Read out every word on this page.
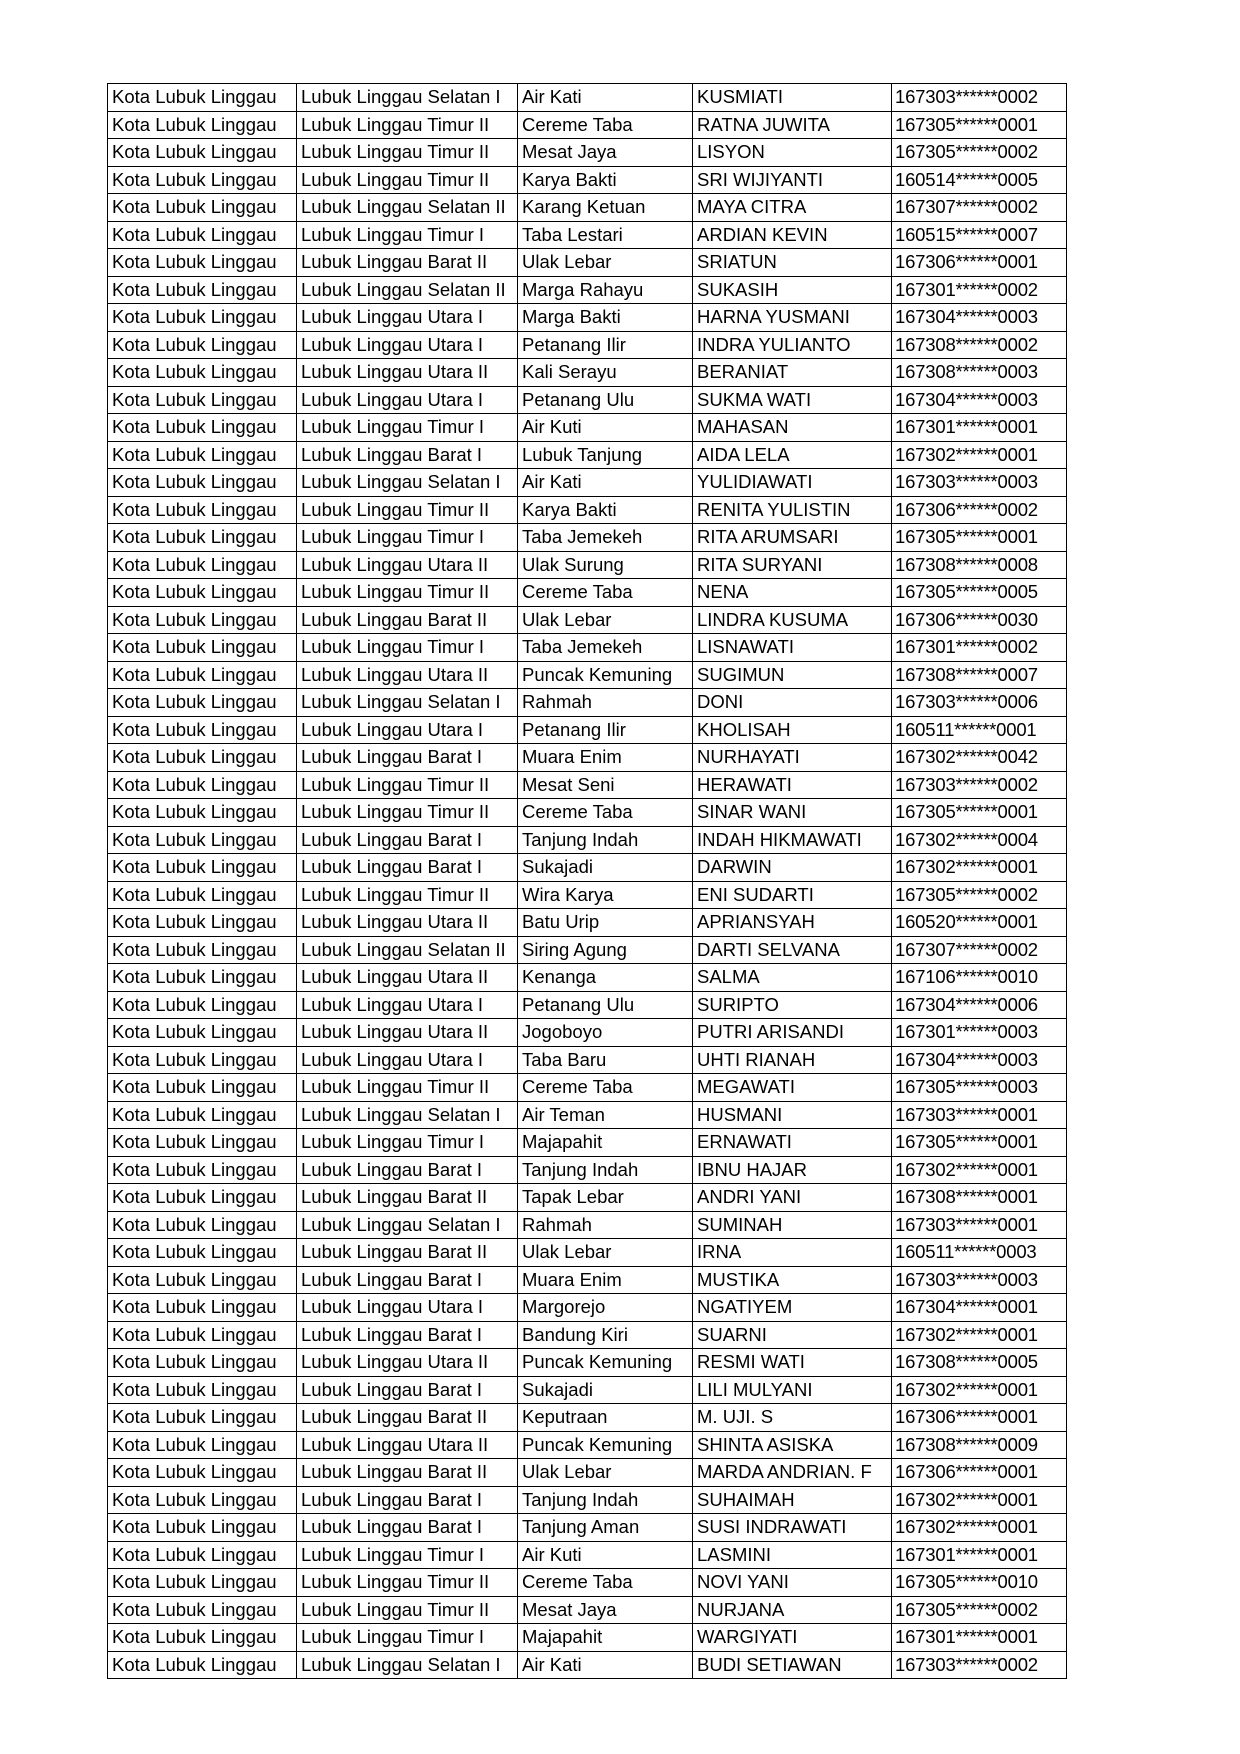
Kota Lubuk Linggau	Lubuk Linggau Selatan I	Air Kati	KUSMIATI	167303******0002
Kota Lubuk Linggau	Lubuk Linggau Timur II	Cereme Taba	RATNA JUWITA	167305******0001
Kota Lubuk Linggau	Lubuk Linggau Timur II	Mesat Jaya	LISYON	167305******0002
Kota Lubuk Linggau	Lubuk Linggau Timur II	Karya Bakti	SRI WIJIYANTI	160514******0005
Kota Lubuk Linggau	Lubuk Linggau Selatan II	Karang Ketuan	MAYA CITRA	167307******0002
Kota Lubuk Linggau	Lubuk Linggau Timur I	Taba Lestari	ARDIAN KEVIN	160515******0007
Kota Lubuk Linggau	Lubuk Linggau Barat II	Ulak Lebar	SRIATUN	167306******0001
Kota Lubuk Linggau	Lubuk Linggau Selatan II	Marga Rahayu	SUKASIH	167301******0002
Kota Lubuk Linggau	Lubuk Linggau Utara I	Marga Bakti	HARNA YUSMANI	167304******0003
Kota Lubuk Linggau	Lubuk Linggau Utara I	Petanang Ilir	INDRA YULIANTO	167308******0002
Kota Lubuk Linggau	Lubuk Linggau Utara II	Kali Serayu	BERANIAT	167308******0003
Kota Lubuk Linggau	Lubuk Linggau Utara I	Petanang Ulu	SUKMA WATI	167304******0003
Kota Lubuk Linggau	Lubuk Linggau Timur I	Air Kuti	MAHASAN	167301******0001
Kota Lubuk Linggau	Lubuk Linggau Barat I	Lubuk Tanjung	AIDA LELA	167302******0001
Kota Lubuk Linggau	Lubuk Linggau Selatan I	Air Kati	YULIDIAWATI	167303******0003
Kota Lubuk Linggau	Lubuk Linggau Timur II	Karya Bakti	RENITA YULISTIN	167306******0002
Kota Lubuk Linggau	Lubuk Linggau Timur I	Taba Jemekeh	RITA ARUMSARI	167305******0001
Kota Lubuk Linggau	Lubuk Linggau Utara II	Ulak Surung	RITA SURYANI	167308******0008
Kota Lubuk Linggau	Lubuk Linggau Timur II	Cereme Taba	NENA	167305******0005
Kota Lubuk Linggau	Lubuk Linggau Barat II	Ulak Lebar	LINDRA KUSUMA	167306******0030
Kota Lubuk Linggau	Lubuk Linggau Timur I	Taba Jemekeh	LISNAWATI	167301******0002
Kota Lubuk Linggau	Lubuk Linggau Utara II	Puncak Kemuning	SUGIMUN	167308******0007
Kota Lubuk Linggau	Lubuk Linggau Selatan I	Rahmah	DONI	167303******0006
Kota Lubuk Linggau	Lubuk Linggau Utara I	Petanang Ilir	KHOLISAH	160511******0001
Kota Lubuk Linggau	Lubuk Linggau Barat I	Muara Enim	NURHAYATI	167302******0042
Kota Lubuk Linggau	Lubuk Linggau Timur II	Mesat Seni	HERAWATI	167303******0002
Kota Lubuk Linggau	Lubuk Linggau Timur II	Cereme Taba	SINAR WANI	167305******0001
Kota Lubuk Linggau	Lubuk Linggau Barat I	Tanjung Indah	INDAH HIKMAWATI	167302******0004
Kota Lubuk Linggau	Lubuk Linggau Barat I	Sukajadi	DARWIN	167302******0001
Kota Lubuk Linggau	Lubuk Linggau Timur II	Wira Karya	ENI SUDARTI	167305******0002
Kota Lubuk Linggau	Lubuk Linggau Utara II	Batu Urip	APRIANSYAH	160520******0001
Kota Lubuk Linggau	Lubuk Linggau Selatan II	Siring Agung	DARTI SELVANA	167307******0002
Kota Lubuk Linggau	Lubuk Linggau Utara II	Kenanga	SALMA	167106******0010
Kota Lubuk Linggau	Lubuk Linggau Utara I	Petanang Ulu	SURIPTO	167304******0006
Kota Lubuk Linggau	Lubuk Linggau Utara II	Jogoboyo	PUTRI ARISANDI	167301******0003
Kota Lubuk Linggau	Lubuk Linggau Utara I	Taba Baru	UHTI RIANAH	167304******0003
Kota Lubuk Linggau	Lubuk Linggau Timur II	Cereme Taba	MEGAWATI	167305******0003
Kota Lubuk Linggau	Lubuk Linggau Selatan I	Air Teman	HUSMANI	167303******0001
Kota Lubuk Linggau	Lubuk Linggau Timur I	Majapahit	ERNAWATI	167305******0001
Kota Lubuk Linggau	Lubuk Linggau Barat I	Tanjung Indah	IBNU HAJAR	167302******0001
Kota Lubuk Linggau	Lubuk Linggau Barat II	Tapak Lebar	ANDRI YANI	167308******0001
Kota Lubuk Linggau	Lubuk Linggau Selatan I	Rahmah	SUMINAH	167303******0001
Kota Lubuk Linggau	Lubuk Linggau Barat II	Ulak Lebar	IRNA	160511******0003
Kota Lubuk Linggau	Lubuk Linggau Barat I	Muara Enim	MUSTIKA	167303******0003
Kota Lubuk Linggau	Lubuk Linggau Utara I	Margorejo	NGATIYEM	167304******0001
Kota Lubuk Linggau	Lubuk Linggau Barat I	Bandung Kiri	SUARNI	167302******0001
Kota Lubuk Linggau	Lubuk Linggau Utara II	Puncak Kemuning	RESMI WATI	167308******0005
Kota Lubuk Linggau	Lubuk Linggau Barat I	Sukajadi	LILI MULYANI	167302******0001
Kota Lubuk Linggau	Lubuk Linggau Barat II	Keputraan	M. UJI. S	167306******0001
Kota Lubuk Linggau	Lubuk Linggau Utara II	Puncak Kemuning	SHINTA ASISKA	167308******0009
Kota Lubuk Linggau	Lubuk Linggau Barat II	Ulak Lebar	MARDA ANDRIAN. F	167306******0001
Kota Lubuk Linggau	Lubuk Linggau Barat I	Tanjung Indah	SUHAIMAH	167302******0001
Kota Lubuk Linggau	Lubuk Linggau Barat I	Tanjung Aman	SUSI INDRAWATI	167302******0001
Kota Lubuk Linggau	Lubuk Linggau Timur I	Air Kuti	LASMINI	167301******0001
Kota Lubuk Linggau	Lubuk Linggau Timur II	Cereme Taba	NOVI YANI	167305******0010
Kota Lubuk Linggau	Lubuk Linggau Timur II	Mesat Jaya	NURJANA	167305******0002
Kota Lubuk Linggau	Lubuk Linggau Timur I	Majapahit	WARGIYATI	167301******0001
Kota Lubuk Linggau	Lubuk Linggau Selatan I	Air Kati	BUDI SETIAWAN	167303******0002
